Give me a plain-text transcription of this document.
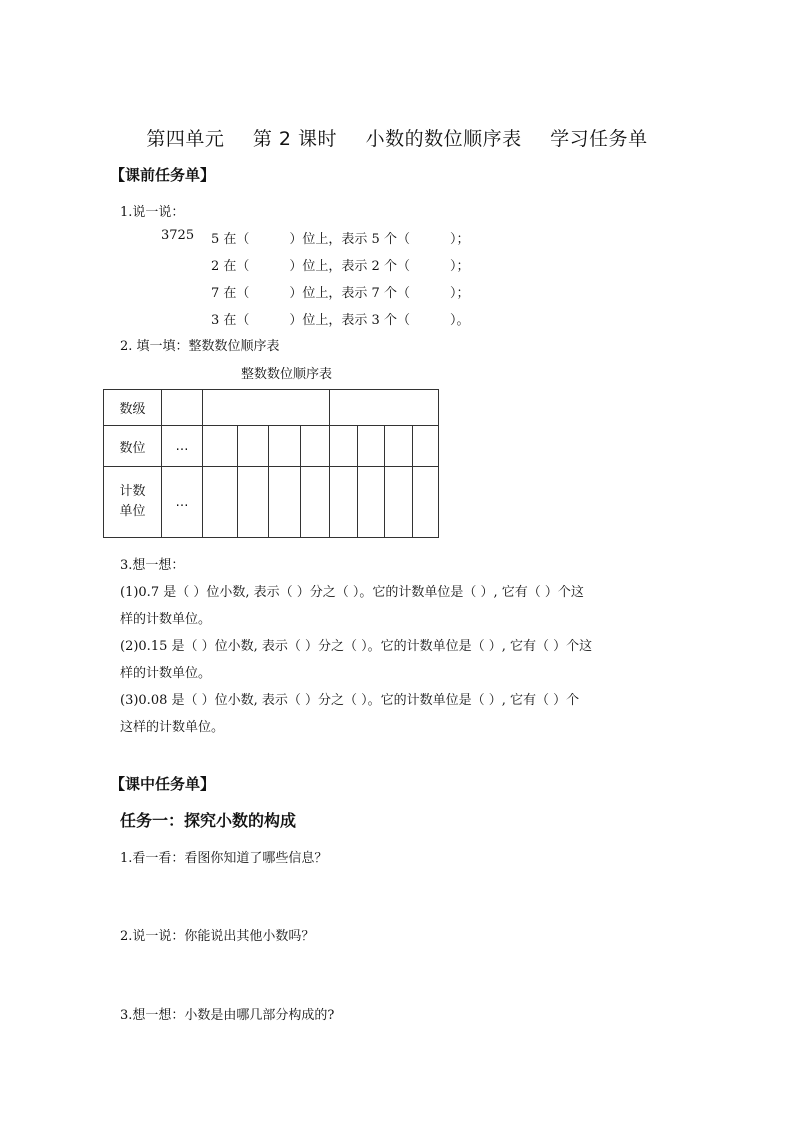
第四单元 第 2 课时 小数的数位顺序表 学习任务单
【课前任务单】
1.说一说：
3725 5 在（	）位上，表示 5 个（	）；
2 在（	）位上，表示 2 个（	）；
7 在（	）位上，表示 7 个（	）；
3 在（	）位上，表示 3 个（	）。
2. 填一填：整数数位顺序表
整数数位顺序表
数级									
数位	…								
计数单位	…								
3.想一想：
(1)0.7 是（ ）位小数, 表示（ ）分之（ ）。它的计数单位是（ ）, 它有（ ）个这
样的计数单位。
(2)0.15 是（ ）位小数, 表示（ ）分之（ ）。它的计数单位是（ ）, 它有（ ）个这
样的计数单位。
(3)0.08 是（ ）位小数, 表示（ ）分之（ ）。它的计数单位是（ ）, 它有（ ）个
这样的计数单位。
【课中任务单】
任务一：探究小数的构成
1.看一看：看图你知道了哪些信息？
2.说一说：你能说出其他小数吗？
3.想一想：小数是由哪几部分构成的?
